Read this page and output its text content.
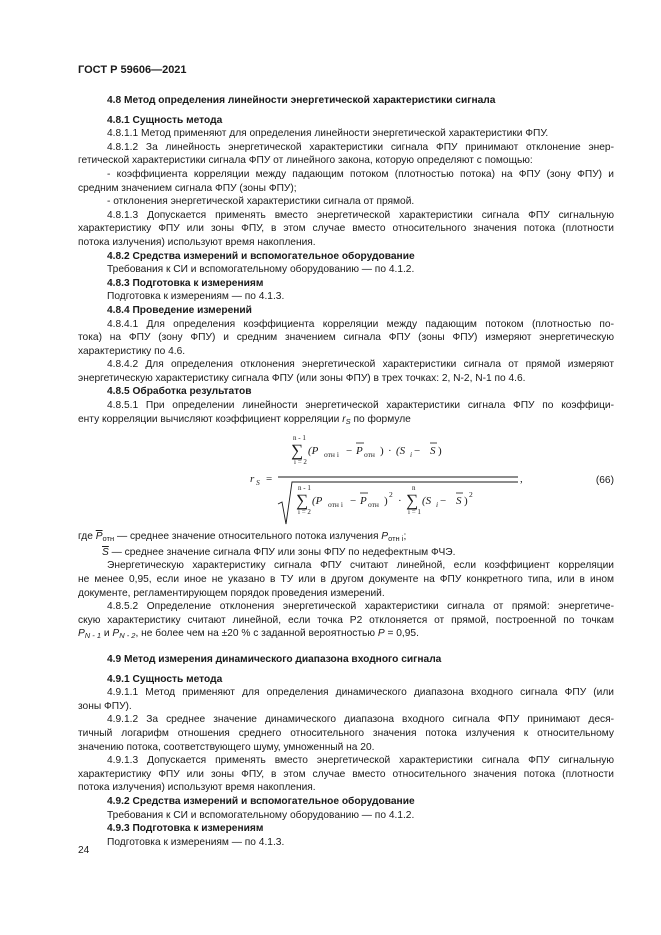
ГОСТ Р 59606—2021
4.8 Метод определения линейности энергетической характеристики сигнала
4.8.1 Сущность метода
4.8.1.1 Метод применяют для определения линейности энергетической характеристики ФПУ.
4.8.1.2 За линейность энергетической характеристики сигнала ФПУ принимают отклонение энер-
гетической характеристики сигнала ФПУ от линейного закона, которую определяют с помощью:
- коэффициента корреляции между падающим потоком (плотностью потока) на ФПУ (зону ФПУ) и
средним значением сигнала ФПУ (зоны ФПУ);
- отклонения энергетической характеристики сигнала от прямой.
4.8.1.3 Допускается применять вместо энергетической характеристики сигнала ФПУ сигнальную
характеристику ФПУ или зоны ФПУ, в этом случае вместо относительного значения потока (плотности
потока излучения) используют время накопления.
4.8.2 Средства измерений и вспомогательное оборудование
Требования к СИ и вспомогательному оборудованию — по 4.1.2.
4.8.3 Подготовка к измерениям
Подготовка к измерениям — по 4.1.3.
4.8.4 Проведение измерений
4.8.4.1 Для определения коэффициента корреляции между падающим потоком (плотностью по-
тока) на ФПУ (зону ФПУ) и средним значением сигнала ФПУ (зоны ФПУ) измеряют энергетическую
характеристику по 4.6.
4.8.4.2 Для определения отклонения энергетической характеристики сигнала от прямой измеряют
энергетическую характеристику сигнала ФПУ (или зоны ФПУ) в трех точках: 2, N-2, N-1 по 4.6.
4.8.5 Обработка результатов
4.8.5.1 При определении линейности энергетической характеристики сигнала ФПУ по коэффици-
енту корреляции вычисляют коэффициент корреляции $r_S$ по формуле
r S =
n - 1
∑
i = 2
(P отн i − P отн ) · (S i − S )
,
n - 1
∑
i = 2
(P отн i − P отн )
2
·
n
∑
i = 1
(S i − S )
2
(66)
где $\overline{P}_{отн}$ — среднее значение относительного потока излучения $P_{отн i}$;
$\overline{S}$ — среднее значение сигнала ФПУ или зоны ФПУ по недефектным ФЧЭ.
Энергетическую характеристику сигнала ФПУ считают линейной, если коэффициент корреляции
не менее 0,95, если иное не указано в ТУ или в другом документе на ФПУ конкретного типа, или в ином
документе, регламентирующем порядок проведения измерений.
4.8.5.2 Определение отклонения энергетической характеристики сигнала от прямой: энергетиче-
скую характеристику считают линейной, если точка Р2 отклоняется от прямой, построенной по точкам
$P_{N - 1}$ и $P_{N - 2}$, не более чем на ±20 % с заданной вероятностью P = 0,95.
4.9 Метод измерения динамического диапазона входного сигнала
4.9.1 Сущность метода
4.9.1.1 Метод применяют для определения динамического диапазона входного сигнала ФПУ (или
зоны ФПУ).
4.9.1.2 За среднее значение динамического диапазона входного сигнала ФПУ принимают деся-
тичный логарифм отношения среднего относительного значения потока излучения к относительному
значению потока, соответствующего шуму, умноженный на 20.
4.9.1.3 Допускается применять вместо энергетической характеристики сигнала ФПУ сигнальную
характеристику ФПУ или зоны ФПУ, в этом случае вместо относительного значения потока (плотности
потока излучения) используют время накопления.
4.9.2 Средства измерений и вспомогательное оборудование
Требования к СИ и вспомогательному оборудованию — по 4.1.2.
4.9.3 Подготовка к измерениям
Подготовка к измерениям — по 4.1.3.
24
